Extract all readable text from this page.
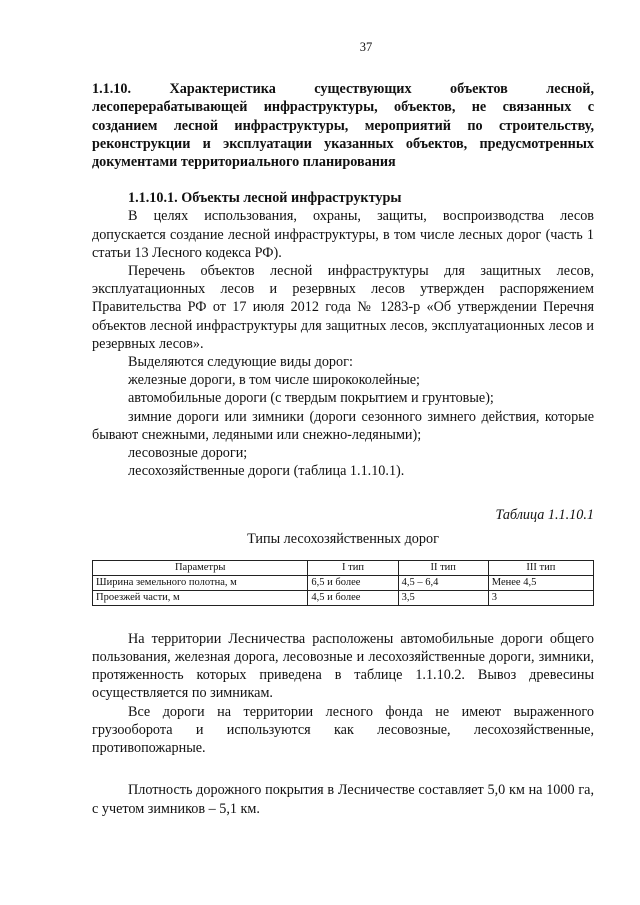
37
1.1.10.	Характеристика существующих объектов лесной, лесоперерабатывающей инфраструктуры, объектов, не связанных с созданием лесной инфраструктуры, мероприятий по строительству, реконструкции и эксплуатации указанных объектов, предусмотренных документами территориального планирования
1.1.10.1. Объекты лесной инфраструктуры

В целях использования, охраны, защиты, воспроизводства лесов допускается создание лесной инфраструктуры, в том числе лесных дорог (часть 1 статьи 13 Лесного кодекса РФ).

Перечень объектов лесной инфраструктуры для защитных лесов, эксплуатационных лесов и резервных лесов утвержден распоряжением Правительства РФ от 17 июля 2012 года № 1283-р «Об утверждении Перечня объектов лесной инфраструктуры для защитных лесов, эксплуатационных лесов и резервных лесов».

Выделяются следующие виды дорог:

железные дороги, в том числе ширококолейные;

автомобильные дороги (с твердым покрытием и грунтовые);

зимние дороги или зимники (дороги сезонного зимнего действия, которые бывают снежными, ледяными или снежно-ледяными);

лесовозные дороги;

лесохозяйственные дороги (таблица 1.1.10.1).

Таблица 1.1.10.1
Типы лесохозяйственных дорог
Параметры	I тип	II тип	III тип
Ширина земельного полотна, м	6,5 и более	4,5 – 6,4	Менее 4,5
Проезжей части, м	4,5 и более	3,5	3

На территории Лесничества расположены автомобильные дороги общего пользования, железная дорога, лесовозные и лесохозяйственные дороги, зимники, протяженность которых приведена в таблице 1.1.10.2. Вывоз древесины осуществляется по зимникам.

Все дороги на территории лесного фонда не имеют выраженного грузооборота и используются как лесовозные, лесохозяйственные, противопожарные.

Плотность дорожного покрытия в Лесничестве составляет 5,0 км на 1000 га, с учетом зимников – 5,1 км.
